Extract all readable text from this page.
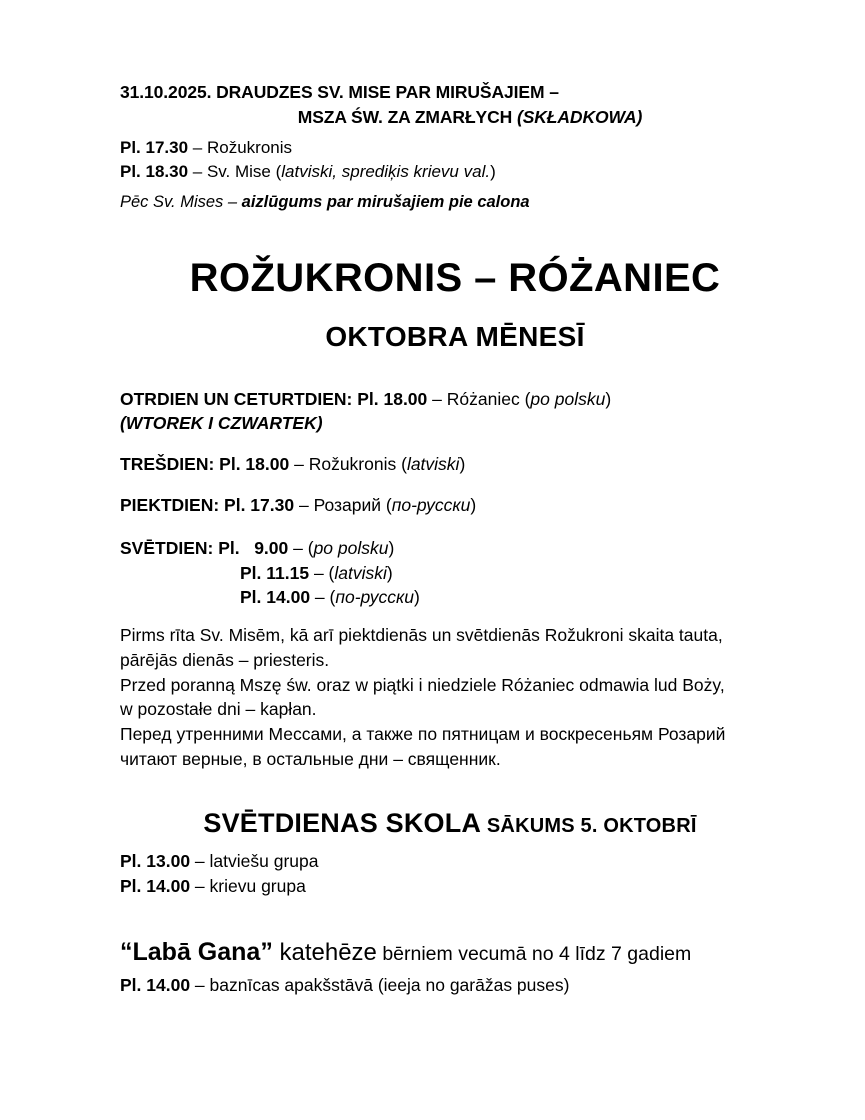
31.10.2025. DRAUDZES SV. MISE PAR MIRUŠAJIEM –
MSZA ŚW. ZA ZMARŁYCH (SKŁADKOWA)
Pl. 17.30 – Rožukronis
Pl. 18.30 – Sv. Mise (latviski, sprediķis krievu val.)
Pēc Sv. Mises – aizlūgums par mirušajiem pie calona
ROŽUKRONIS – RÓŻANIEC
OKTOBRA MĒNESĪ
OTRDIEN UN CETURTDIEN: Pl. 18.00 – Różaniec (po polsku)
(WTOREK I CZWARTEK)
TREŠDIEN: Pl. 18.00 – Rožukronis (latviski)
PIEKTDIEN: Pl. 17.30 – Розарий (по-русски)
SVĒTDIEN: Pl. 9.00 – (po polsku)
Pl. 11.15 – (latviski)
Pl. 14.00 – (по-русски)

Pirms rīta Sv. Misēm, kā arī piektdienās un svētdienās Rožukroni skaita tauta,

pārējās dienās – priesteris.

Przed poranną Mszę św. oraz w piątki i niedziele Różaniec odmawia lud Boży,

w pozostałe dni – kapłan.

Перед утренними Мессами, а также по пятницам и воскресеньям Розарий

читают верные, в остальные дни – священник.

SVĒTDIENAS SKOLA SĀKUMS 5. OKTOBRĪ
Pl. 13.00 – latviešu grupa
Pl. 14.00 – krievu grupa
“Labā Gana” katehēze bērniem vecumā no 4 līdz 7 gadiem
Pl. 14.00 – baznīcas apakšstāvā (ieeja no garāžas puses)
